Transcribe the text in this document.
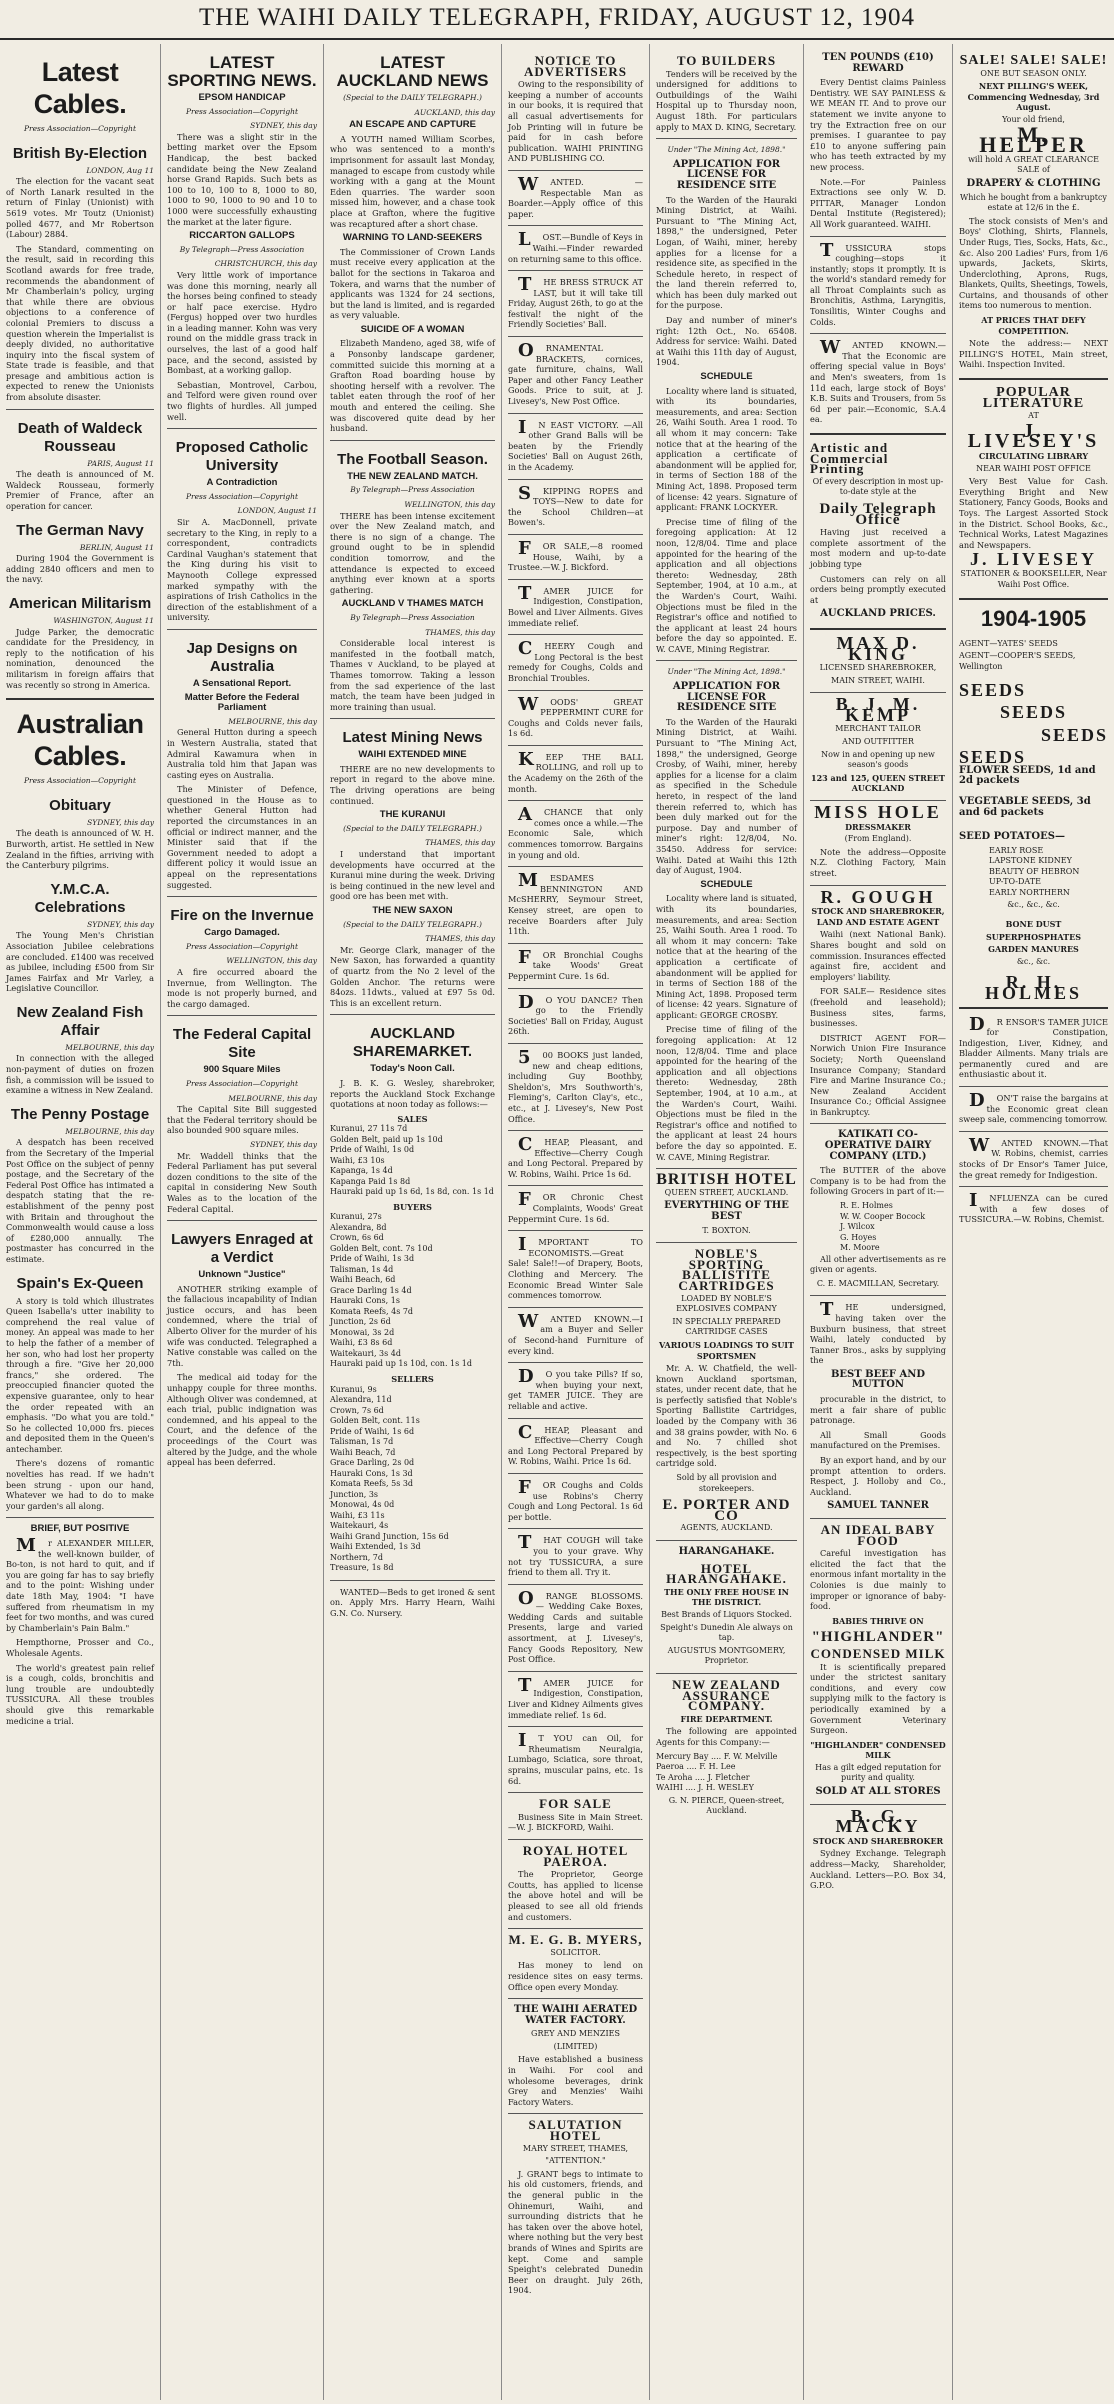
THE WAIHI DAILY TELEGRAPH, FRIDAY, AUGUST 12, 1904
Latest Cables.
Press Association—Copyright
British By-Election
LONDON, Aug 11

The election for the vacant seat of North Lanark resulted in the return of Finlay (Unionist) with 5619 votes. Mr Toutz (Unionist) polled 4677, and Mr Robertson (Labour) 2884.

The Standard, commenting on the result, said in recording this Scotland awards for free trade, recommends the abandonment of Mr Chamberlain's policy, urging that while there are obvious objections to a conference of colonial Premiers to discuss a question wherein the Imperialist is deeply divided, no authoritative inquiry into the fiscal system of State trade is feasible, and that presage and ambitious action is expected to renew the Unionists from absolute disaster.

Death of Waldeck Rousseau
PARIS, August 11

The death is announced of M. Waldeck Rousseau, formerly Premier of France, after an operation for cancer.

The German Navy
BERLIN, August 11

During 1904 the Government is adding 2840 officers and men to the navy.

American Militarism
WASHINGTON, August 11

Judge Parker, the democratic candidate for the Presidency, in reply to the notification of his nomination, denounced the militarism in foreign affairs that was recently so strong in America.

Australian Cables.
Press Association—Copyright
Obituary
SYDNEY, this day

The death is announced of W. H. Burworth, artist. He settled in New Zealand in the fifties, arriving with the Canterbury pilgrims.

Y.M.C.A. Celebrations
SYDNEY, this day

The Young Men's Christian Association Jubilee celebrations are concluded. £1400 was received as jubilee, including £500 from Sir James Fairfax and Mr Varley, a Legislative Councillor.

New Zealand Fish Affair
MELBOURNE, this day

In connection with the alleged non-payment of duties on frozen fish, a commission will be issued to examine a witness in New Zealand.

The Penny Postage
MELBOURNE, this day

A despatch has been received from the Secretary of the Imperial Post Office on the subject of penny postage, and the Secretary of the Federal Post Office has intimated a despatch stating that the re-establishment of the penny post with Britain and throughout the Commonwealth would cause a loss of £280,000 annually. The postmaster has concurred in the estimate.

Spain's Ex-Queen

A story is told which illustrates Queen Isabella's utter inability to comprehend the real value of money. An appeal was made to her to help the father of a member of her son, who had lost her property through a fire. "Give her 20,000 francs," she ordered. The preoccupied financier quoted the expensive guarantee, only to hear the order repeated with an emphasis. "Do what you are told." So he collected 10,000 frs. pieces and deposited them in the Queen's antechamber.

There's dozens of romantic novelties has read. If we hadn't been strung - upon our hand, Whatever we had to do to make your garden's all along.

BRIEF, BUT POSITIVE

Mr ALEXANDER MILLER, the well-known builder, of Bo-ton, is not hard to quit, and if you are going far has to say briefly and to the point: Wishing under date 18th May, 1904: "I have suffered from rheumatism in my feet for two months, and was cured by Chamberlain's Pain Balm."

Hempthorne, Prosser and Co., Wholesale Agents.

The world's greatest pain relief is a cough, colds, bronchitis and lung trouble are undoubtedly TUSSICURA. All these troubles should give this remarkable medicine a trial.

LATEST SPORTING NEWS.
EPSOM HANDICAP
Press Association—Copyright
SYDNEY, this day

There was a slight stir in the betting market over the Epsom Handicap, the best backed candidate being the New Zealand horse Grand Rapids. Such bets as 100 to 10, 100 to 8, 1000 to 80, 1000 to 90, 1000 to 90 and 10 to 1000 were successfully exhausting the market at the later figure.

RICCARTON GALLOPS
By Telegraph—Press Association
CHRISTCHURCH, this day

Very little work of importance was done this morning, nearly all the horses being confined to steady or half pace exercise. Hydro (Fergus) hopped over two hurdles in a leading manner. Kohn was very round on the middle grass track in ourselves, the last of a good half pace, and the second, assisted by Bombast, at a working gallop.

Sebastian, Montrovel, Carbou, and Telford were given round over two flights of hurdles. All jumped well.

Proposed Catholic University
A Contradiction
Press Association—Copyright
LONDON, August 11

Sir A. MacDonnell, private secretary to the King, in reply to a correspondent, contradicts Cardinal Vaughan's statement that the King during his visit to Maynooth College expressed marked sympathy with the aspirations of Irish Catholics in the direction of the establishment of a university.

Jap Designs on Australia
A Sensational Report.
Matter Before the Federal Parliament
MELBOURNE, this day

General Hutton during a speech in Western Australia, stated that Admiral Kawamura when in Australia told him that Japan was casting eyes on Australia.

The Minister of Defence, questioned in the House as to whether General Hutton had reported the circumstances in an official or indirect manner, and the Minister said that if the Government needed to adopt a different policy it would issue an appeal on the representations suggested.

Fire on the Invernue
Cargo Damaged.
Press Association—Copyright
WELLINGTON, this day

A fire occurred aboard the Invernue, from Wellington. The mode is not properly burned, and the cargo damaged.

The Federal Capital Site
900 Square Miles
Press Association—Copyright
MELBOURNE, this day

The Capital Site Bill suggested that the Federal territory should be also bounded 900 square miles.

SYDNEY, this day

Mr. Waddell thinks that the Federal Parliament has put several dozen conditions to the site of the capital in considering New South Wales as to the location of the Federal Capital.

Lawyers Enraged at a Verdict
Unknown "Justice"

ANOTHER striking example of the fallacious incapability of Indian justice occurs, and has been condemned, where the trial of Alberto Oliver for the murder of his wife was conducted. Telegraphed a Native constable was called on the 7th.

The medical aid today for the unhappy couple for three months. Although Oliver was condemned, at each trial, public indignation was condemned, and his appeal to the Court, and the defence of the proceedings of the Court was altered by the Judge, and the whole appeal has been deferred.

LATEST AUCKLAND NEWS
(Special to the DAILY TELEGRAPH.)
AUCKLAND, this day
AN ESCAPE AND CAPTURE

A YOUTH named William Scorbes, who was sentenced to a month's imprisonment for assault last Monday, managed to escape from custody while working with a gang at the Mount Eden quarries. The warder soon missed him, however, and a chase took place at Grafton, where the fugitive was recaptured after a short chase.

WARNING TO LAND-SEEKERS

The Commissioner of Crown Lands must receive every application at the ballot for the sections in Takaroa and Tokera, and warns that the number of applicants was 1324 for 24 sections, but the land is limited, and is regarded as very valuable.

SUICIDE OF A WOMAN

Elizabeth Mandeno, aged 38, wife of a Ponsonby landscape gardener, committed suicide this morning at a Grafton Road boarding house by shooting herself with a revolver. The tablet eaten through the roof of her mouth and entered the ceiling. She was discovered quite dead by her husband.

The Football Season.
THE NEW ZEALAND MATCH.
By Telegraph—Press Association
WELLINGTON, this day

THERE has been intense excitement over the New Zealand match, and there is no sign of a change. The ground ought to be in splendid condition tomorrow, and the attendance is expected to exceed anything ever known at a sports gathering.

AUCKLAND V THAMES MATCH
By Telegraph—Press Association
THAMES, this day

Considerable local interest is manifested in the football match, Thames v Auckland, to be played at Thames tomorrow. Taking a lesson from the sad experience of the last match, the team have been judged in more training than usual.

Latest Mining News
WAIHI EXTENDED MINE

THERE are no new developments to report in regard to the above mine. The driving operations are being continued.

THE KURANUI
(Special to the DAILY TELEGRAPH.)
THAMES, this day

I understand that important developments have occurred at the Kuranui mine during the week. Driving is being continued in the new level and good ore has been met with.

THE NEW SAXON
(Special to the DAILY TELEGRAPH.)
THAMES, this day

Mr. George Clark, manager of the New Saxon, has forwarded a quantity of quartz from the No 2 level of the Golden Anchor. The returns were 84ozs. 11dwts., valued at £97 5s 0d. This is an excellent return.

AUCKLAND SHAREMARKET.
Today's Noon Call.

J. B. K. G. Wesley, sharebroker, reports the Auckland Stock Exchange quotations at noon today as follows:—

SALES
Kuranui, 27 11s 7d
Golden Belt, paid up 1s 10d
Pride of Waihi, 1s 0d
Waihi, £3 10s
Kapanga, 1s 4d
Kapanga Paid 1s 8d
Hauraki paid up 1s 6d, 1s 8d, con. 1s 1d
BUYERS
Kuranui, 27s
Alexandra, 8d
Crown, 6s 6d
Golden Belt, cont. 7s 10d
Pride of Waihi, 1s 3d
Talisman, 1s 4d
Waihi Beach, 6d
Grace Darling 1s 4d
Hauraki Cons, 1s
Komata Reefs, 4s 7d
Junction, 2s 6d
Monowai, 3s 2d
Waihi, £3 8s 6d
Waitekauri, 3s 4d
Hauraki paid up 1s 10d, con. 1s 1d
SELLERS
Kuranui, 9s
Alexandra, 11d
Crown, 7s 6d
Golden Belt, cont. 11s
Pride of Waihi, 1s 6d
Talisman, 1s 7d
Waihi Beach, 7d
Grace Darling, 2s 0d
Hauraki Cons, 1s 3d
Komata Reefs, 5s 3d
Junction, 3s
Monowai, 4s 0d
Waihi, £3 11s
Waitekauri, 4s
Waihi Grand Junction, 15s 6d
Waihi Extended, 1s 3d
Northern, 7d
Treasure, 1s 8d

WANTED—Beds to get ironed & sent on. Apply Mrs. Harry Hearn, Waihi G.N. Co. Nursery.

NOTICE TO ADVERTISERS

Owing to the responsibility of keeping a number of accounts in our books, it is required that all casual advertisements for Job Printing will in future be paid for in cash before publication. WAIHI PRINTING AND PUBLISHING CO.

WANTED. — Respectable Man as Boarder.—Apply office of this paper.

LOST.—Bundle of Keys in Waihi.—Finder rewarded on returning same to this office.

THE BRESS STRUCK AT LAST, but it will take till Friday, August 26th, to go at the festival! the night of the Friendly Societies' Ball.

ORNAMENTAL BRACKETS, cornices, gate furniture, chains, Wall Paper and other Fancy Leather Goods. Price to suit, at J. Livesey's, New Post Office.

IN EAST VICTORY. —All other Grand Balls will be beaten by the Friendly Societies' Ball on August 26th, in the Academy.

SKIPPING ROPES and TOYS—New to date for the School Children—at Bowen's.

FOR SALE,—8 roomed House, Waihi, by a Trustee.—W. J. Bickford.

TAMER JUICE for Indigestion, Constipation, Bowel and Liver Ailments. Gives immediate relief.

CHEERY Cough and Long Pectoral is the best remedy for Coughs, Colds and Bronchial Troubles.

WOODS' GREAT PEPPERMINT CURE for Coughs and Colds never fails, 1s 6d.

KEEP THE BALL ROLLING, and roll up to the Academy on the 26th of the month.

ACHANCE that only comes once a while.—The Economic Sale, which commences tomorrow. Bargains in young and old.

MESDAMES BENNINGTON AND McSHERRY, Seymour Street, Kensey street, are open to receive Boarders after July 11th.

FOR Bronchial Coughs take Woods' Great Peppermint Cure. 1s 6d.

DO YOU DANCE? Then go to the Friendly Societies' Ball on Friday, August 26th.

500 BOOKS just landed, new and cheap editions, including Guy Boothby, Sheldon's, Mrs Southworth's, Fleming's, Carlton Clay's, etc., etc., at J. Livesey's, New Post Office.

CHEAP, Pleasant, and Effective—Cherry Cough and Long Pectoral. Prepared by W. Robins, Waihi. Price 1s 6d.

FOR Chronic Chest Complaints, Woods' Great Peppermint Cure. 1s 6d.

IMPORTANT TO ECONOMISTS.—Great Sale! Sale!!—of Drapery, Boots, Clothing and Mercery. The Economic Bread Winter Sale commences tomorrow.

WANTED KNOWN.—I am a Buyer and Seller of Second-hand Furniture of every kind.

DO you take Pills? If so, when buying your next, get TAMER JUICE. They are reliable and active.

CHEAP, Pleasant and Effective—Cherry Cough and Long Pectoral Prepared by W. Robins, Waihi. Price 1s 6d.

FOR Coughs and Colds use Robins's Cherry Cough and Long Pectoral. 1s 6d per bottle.

THAT COUGH will take you to your grave. Why not try TUSSICURA, a sure friend to them all. Try it.

ORANGE BLOSSOMS. — Wedding Cake Boxes, Wedding Cards and suitable Presents, large and varied assortment, at J. Livesey's, Fancy Goods Repository, New Post Office.

TAMER JUICE for Indigestion, Constipation, Liver and Kidney Ailments gives immediate relief. 1s 6d.

IT YOU can Oil, for Rheumatism Neuralgia, Lumbago, Sciatica, sore throat, sprains, muscular pains, etc. 1s 6d.

FOR SALE

Business Site in Main Street.—W. J. BICKFORD, Waihi.

ROYAL HOTEL PAEROA.

The Proprietor, George Coutts, has applied to license the above hotel and will be pleased to see all old friends and customers.

M. E. G. B. MYERS,
SOLICITOR.

Has money to lend on residence sites on easy terms. Office open every Monday.

THE WAIHI AERATED WATER FACTORY.
GREY AND MENZIES
(LIMITED)

Have established a business in Waihi. For cool and wholesome beverages, drink Grey and Menzies' Waihi Factory Waters.

SALUTATION HOTEL
MARY STREET, THAMES,
"ATTENTION."

J. GRANT begs to intimate to his old customers, friends, and the general public in the Ohinemuri, Waihi, and surrounding districts that he has taken over the above hotel, where nothing but the very best brands of Wines and Spirits are kept. Come and sample Speight's celebrated Dunedin Beer on draught. July 26th, 1904.

TO BUILDERS

Tenders will be received by the undersigned for additions to Outbuildings of the Waihi Hospital up to Thursday noon, August 18th. For particulars apply to MAX D. KING, Secretary.

Under "The Mining Act, 1898."
APPLICATION FOR LICENSE FOR RESIDENCE SITE

To the Warden of the Hauraki Mining District, at Waihi. Pursuant to "The Mining Act, 1898," the undersigned, Peter Logan, of Waihi, miner, hereby applies for a license for a residence site, as specified in the Schedule hereto, in respect of the land therein referred to, which has been duly marked out for the purpose.

Day and number of miner's right: 12th Oct., No. 65408. Address for service: Waihi. Dated at Waihi this 11th day of August, 1904.

SCHEDULE

Locality where land is situated, with its boundaries, measurements, and area: Section 26, Waihi South. Area 1 rood. To all whom it may concern: Take notice that at the hearing of the application a certificate of abandonment will be applied for, in terms of Section 188 of the Mining Act, 1898. Proposed term of license: 42 years. Signature of applicant: FRANK LOCKYER.

Precise time of filing of the foregoing application: At 12 noon, 12/8/04. Time and place appointed for the hearing of the application and all objections thereto: Wednesday, 28th September, 1904, at 10 a.m., at the Warden's Court, Waihi. Objections must be filed in the Registrar's office and notified to the applicant at least 24 hours before the day so appointed. E. W. CAVE, Mining Registrar.

Under "The Mining Act, 1898."
APPLICATION FOR LICENSE FOR RESIDENCE SITE

To the Warden of the Hauraki Mining District, at Waihi. Pursuant to "The Mining Act, 1898," the undersigned, George Crosby, of Waihi, miner, hereby applies for a license for a claim as specified in the Schedule hereto, in respect of the land therein referred to, which has been duly marked out for the purpose. Day and number of miner's right: 12/8/04, No. 35450. Address for service: Waihi. Dated at Waihi this 12th day of August, 1904.

SCHEDULE

Locality where land is situated, with its boundaries, measurements, and area: Section 25, Waihi South. Area 1 rood. To all whom it may concern: Take notice that at the hearing of the application a certificate of abandonment will be applied for in terms of Section 188 of the Mining Act, 1898. Proposed term of license: 42 years. Signature of applicant: GEORGE CROSBY.

Precise time of filing of the foregoing application: At 12 noon, 12/8/04. Time and place appointed for the hearing of the application and all objections thereto: Wednesday, 28th September, 1904, at 10 a.m., at the Warden's Court, Waihi. Objections must be filed in the Registrar's office and notified to the applicant at least 24 hours before the day so appointed. E. W. CAVE, Mining Registrar.

BRITISH HOTEL
QUEEN STREET, AUCKLAND.
EVERYTHING OF THE BEST
T. BOXTON.
NOBLE'S SPORTING BALLISTITE CARTRIDGES
LOADED BY NOBLE'S EXPLOSIVES COMPANY
IN SPECIALLY PREPARED CARTRIDGE CASES
VARIOUS LOADINGS TO SUIT SPORTSMEN

Mr. A. W. Chatfield, the well-known Auckland sportsman, states, under recent date, that he is perfectly satisfied that Noble's Sporting Ballistite Cartridges, loaded by the Company with 36 and 38 grains powder, with No. 6 and No. 7 chilled shot respectively, is the best sporting cartridge sold.

Sold by all provision and storekeepers.
E. PORTER AND CO
AGENTS, AUCKLAND.
HARANGAHAKE.
HOTEL HARANGAHAKE.
THE ONLY FREE HOUSE IN THE DISTRICT.
Best Brands of Liquors Stocked.
Speight's Dunedin Ale always on tap.
AUGUSTUS MONTGOMERY, Proprietor.
NEW ZEALAND ASSURANCE COMPANY.
FIRE DEPARTMENT.

The following are appointed Agents for this Company:—

Mercury Bay .... F. W. Melville
Paeroa .... F. H. Lee
Te Aroha .... J. Fletcher
WAIHI .... J. H. WESLEY
G. N. PIERCE, Queen-street, Auckland.
TEN POUNDS (£10) REWARD

Every Dentist claims Painless Dentistry. WE SAY PAINLESS & WE MEAN IT. And to prove our statement we invite anyone to try the Extraction free on our premises. I guarantee to pay £10 to anyone suffering pain who has teeth extracted by my new process.

Note.—For Painless Extractions see only W. D. PITTAR, Manager London Dental Institute (Registered); All Work guaranteed. WAIHI.

TUSSICURA stops coughing—stops it instantly; stops it promptly. It is the world's standard remedy for all Throat Complaints such as Bronchitis, Asthma, Laryngitis, Tonsilitis, Winter Coughs and Colds.

WANTED KNOWN.—That the Economic are offering special value in Boys' and Men's sweaters, from 1s 11d each, large stock of Boys' K.B. Suits and Trousers, from 5s 6d per pair.—Economic, S.A.4 ea.

Artistic and Commercial Printing
Of every description in most up-to-date style at the
Daily Telegraph Office

Having just received a complete assortment of the most modern and up-to-date jobbing type

Customers can rely on all orders being promptly executed at

AUCKLAND PRICES.
MAX D. KING
LICENSED SHAREBROKER,
MAIN STREET, WAIHI.
B. J. M. KEMP
MERCHANT TAILOR
AND OUTFITTER
Now in and opening up new season's goods
123 and 125, QUEEN STREET AUCKLAND
MISS HOLE
DRESSMAKER
(From England).

Note the address—Opposite N.Z. Clothing Factory, Main street.

R. GOUGH
STOCK AND SHAREBROKER, LAND AND ESTATE AGENT

Waihi (next National Bank). Shares bought and sold on commission. Insurances effected against fire, accident and employers' liability.

FOR SALE— Residence sites (freehold and leasehold); Business sites, farms, businesses.

DISTRICT AGENT FOR— Norwich Union Fire Insurance Society; North Queensland Insurance Company; Standard Fire and Marine Insurance Co.; New Zealand Accident Insurance Co.; Official Assignee in Bankruptcy.

KATIKATI CO-OPERATIVE DAIRY COMPANY (LTD.)

The BUTTER of the above Company is to be had from the following Grocers in part of it:—

R. E. Holmes
W. W. Cooper Bocock
J. Wilcox
G. Hoyes
M. Moore

All other advertisements as re given or agents.

C. E. MACMILLAN, Secretary.

THE undersigned, having taken over the Buxburn business, that street Waihi, lately conducted by Tanner Bros., asks by supplying the

BEST BEEF AND MUTTON

procurable in the district, to merit a fair share of public patronage.

All Small Goods manufactured on the Premises.

By an export hand, and by our prompt attention to orders. Respect, J. Holloby and Co., Auckland.

SAMUEL TANNER
AN IDEAL BABY FOOD

Careful investigation has elicited the fact that the enormous infant mortality in the Colonies is due mainly to improper or ignorance of baby-food.

BABIES THRIVE ON
"HIGHLANDER"
CONDENSED MILK

It is scientifically prepared under the strictest sanitary conditions, and every cow supplying milk to the factory is periodically examined by a Government Veterinary Surgeon.

"HIGHLANDER" CONDENSED MILK
Has a gilt edged reputation for purity and quality.
SOLD AT ALL STORES
B. G. MACKY
STOCK AND SHAREBROKER

Sydney Exchange. Telegraph address—Macky, Shareholder, Auckland. Letters—P.O. Box 34, G.P.O.

SALE! SALE! SALE!
ONE BUT SEASON ONLY.
NEXT PILLING'S WEEK, Commencing Wednesday, 3rd August.
Your old friend,
M. HELPER
will hold A GREAT CLEARANCE SALE of
DRAPERY & CLOTHING
Which he bought from a bankruptcy estate at 12/6 in the £.

The stock consists of Men's and Boys' Clothing, Shirts, Flannels, Under Rugs, Ties, Socks, Hats, &c., &c. Also 200 Ladies' Furs, from 1/6 upwards, Jackets, Skirts, Underclothing, Aprons, Rugs, Blankets, Quilts, Sheetings, Towels, Curtains, and thousands of other items too numerous to mention.

AT PRICES THAT DEFY COMPETITION.

Note the address:— NEXT PILLING'S HOTEL, Main street, Waihi. Inspection Invited.

POPULAR LITERATURE
AT
J. LIVESEY'S
CIRCULATING LIBRARY
NEAR WAIHI POST OFFICE

Very Best Value for Cash. Everything Bright and New Stationery, Fancy Goods, Books and Toys. The Largest Assorted Stock in the District. School Books, &c., Technical Works, Latest Magazines and Newspapers.

J. LIVESEY
STATIONER & BOOKSELLER, Near Waihi Post Office.
1904-1905
AGENT—YATES' SEEDS
AGENT—COOPER'S SEEDS, Wellington
SEEDS
SEEDS
SEEDS
SEEDS
FLOWER SEEDS, 1d and 2d packets
VEGETABLE SEEDS, 3d and 6d packets
SEED POTATOES—
EARLY ROSE
LAPSTONE KIDNEY
BEAUTY OF HEBRON
UP-TO-DATE
EARLY NORTHERN
&c., &c., &c.
BONE DUST
SUPERPHOSPHATES
GARDEN MANURES
&c., &c.
R. H. HOLMES

DR ENSOR'S TAMER JUICE for Constipation, Indigestion, Liver, Kidney, and Bladder Ailments. Many trials are permanently cured and are enthusiastic about it.

DON'T raise the bargains at the Economic great clean sweep sale, commencing tomorrow.

WANTED KNOWN.—That W. Robins, chemist, carries stocks of Dr Ensor's Tamer Juice, the great remedy for Indigestion.

INFLUENZA can be cured with a few doses of TUSSICURA.—W. Robins, Chemist.
